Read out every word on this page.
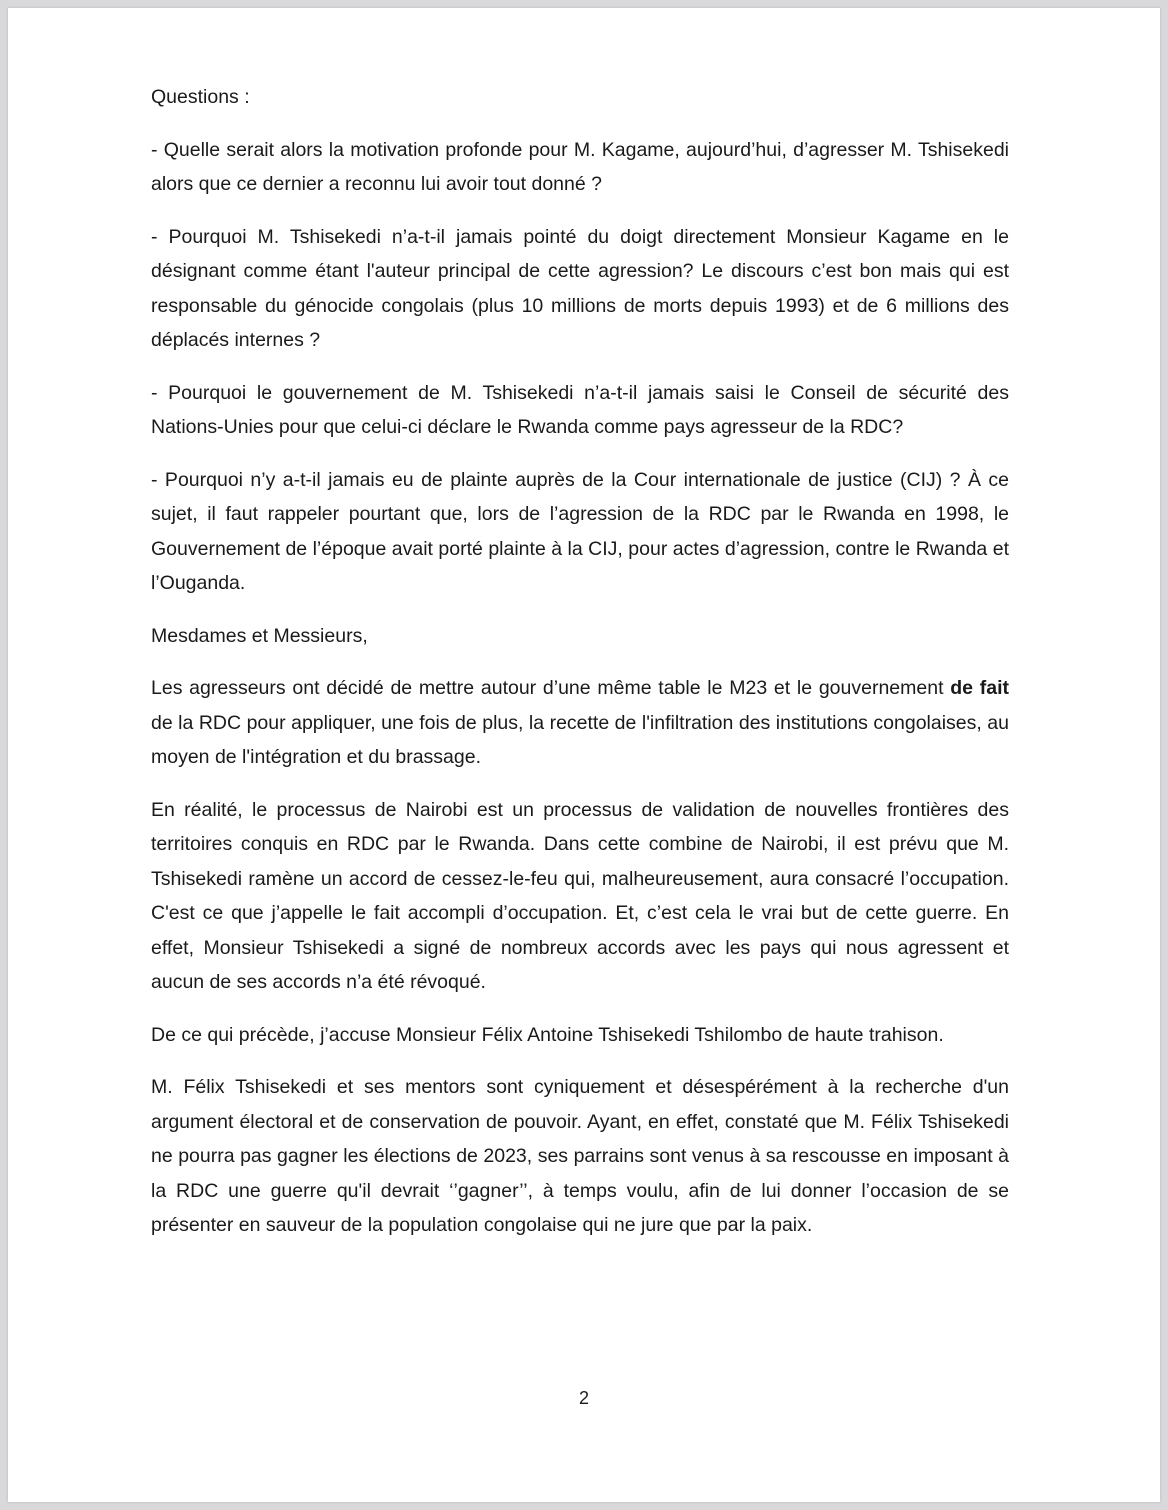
Questions :

- Quelle serait alors la motivation profonde pour M. Kagame, aujourd’hui, d’agresser M. Tshisekedi alors que ce dernier a reconnu lui avoir tout donné ?

- Pourquoi M. Tshisekedi n’a-t-il jamais pointé du doigt directement Monsieur Kagame en le désignant comme étant l'auteur principal de cette agression? Le discours c’est bon mais qui est responsable du génocide congolais (plus 10 millions de morts depuis 1993) et de 6 millions des déplacés internes ?

- Pourquoi le gouvernement de M. Tshisekedi n’a-t-il jamais saisi le Conseil de sécurité des Nations-Unies pour que celui-ci déclare le Rwanda comme pays agresseur de la RDC?

- Pourquoi n’y a-t-il jamais eu de plainte auprès de la Cour internationale de justice (CIJ) ? À ce sujet, il faut rappeler pourtant que, lors de l’agression de la RDC par le Rwanda en 1998, le Gouvernement de l’époque avait porté plainte à la CIJ, pour actes d’agression, contre le Rwanda et l’Ouganda.

Mesdames et Messieurs,

Les agresseurs ont décidé de mettre autour d’une même table le M23 et le gouvernement de fait de la RDC pour appliquer, une fois de plus, la recette de l'infiltration des institutions congolaises, au moyen de l'intégration et du brassage.

En réalité, le processus de Nairobi est un processus de validation de nouvelles frontières des territoires conquis en RDC par le Rwanda. Dans cette combine de Nairobi, il est prévu que M. Tshisekedi ramène un accord de cessez-le-feu qui, malheureusement, aura consacré l’occupation. C'est ce que j’appelle le fait accompli d’occupation. Et, c’est cela le vrai but de cette guerre. En effet, Monsieur Tshisekedi a signé de nombreux accords avec les pays qui nous agressent et aucun de ses accords n’a été révoqué.

De ce qui précède, j’accuse Monsieur Félix Antoine Tshisekedi Tshilombo de haute trahison.

M. Félix Tshisekedi et ses mentors sont cyniquement et désespérément à la recherche d'un argument électoral et de conservation de pouvoir. Ayant, en effet, constaté que M. Félix Tshisekedi ne pourra pas gagner les élections de 2023, ses parrains sont venus à sa rescousse en imposant à la RDC une guerre qu'il devrait ‘’gagner’’, à temps voulu, afin de lui donner l’occasion de se présenter en sauveur de la population congolaise qui ne jure que par la paix.

2
